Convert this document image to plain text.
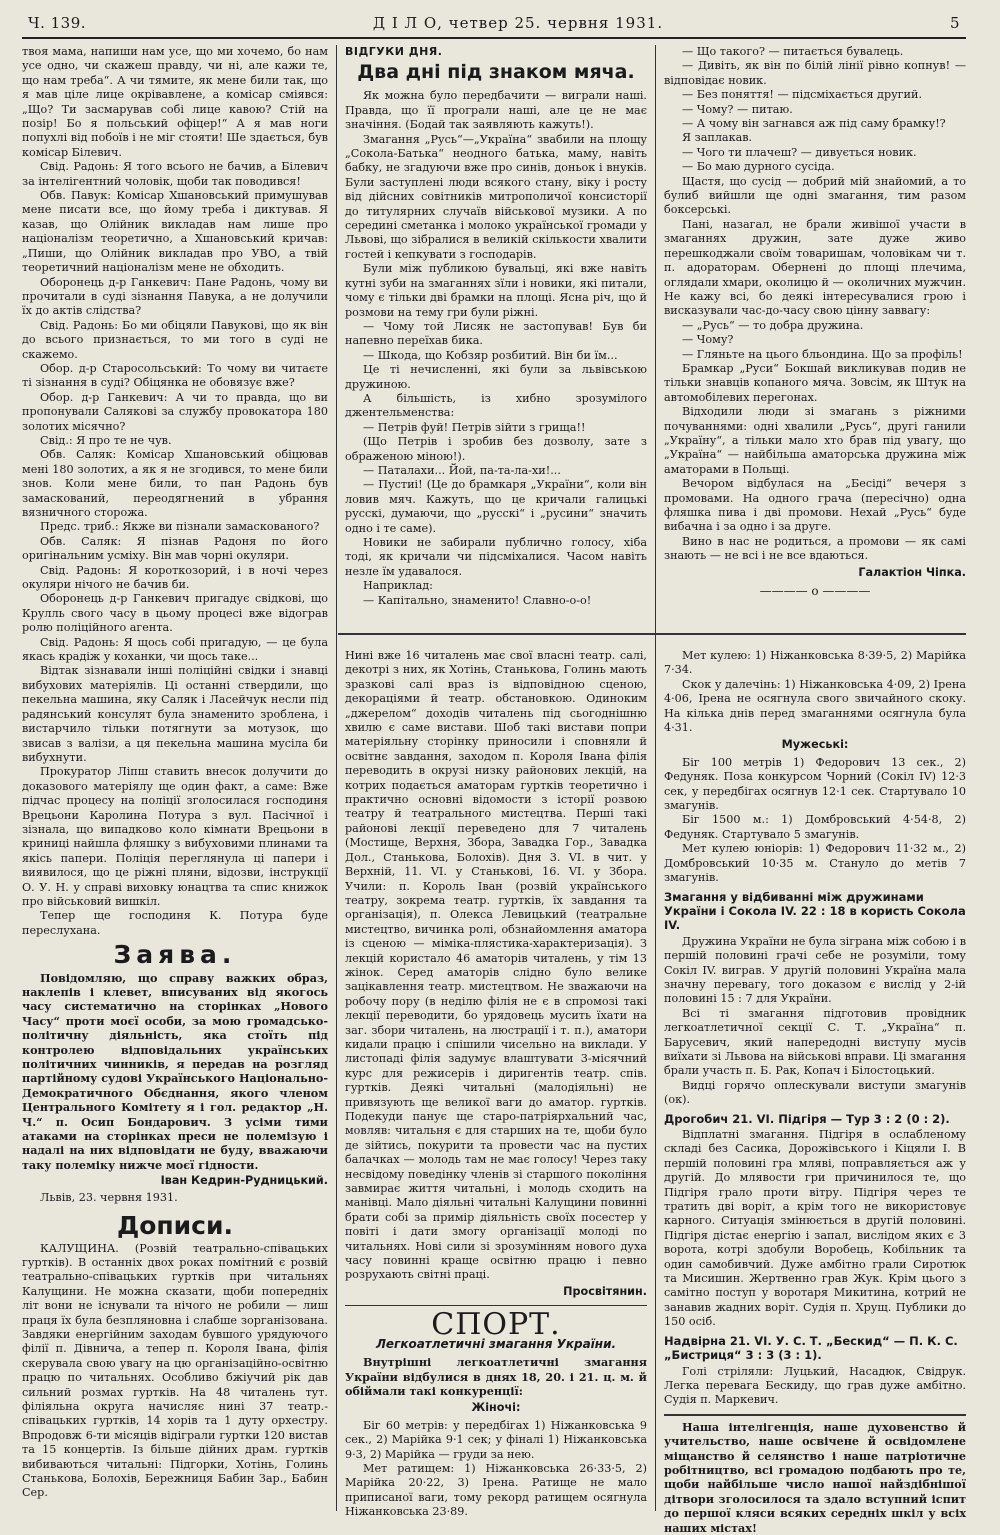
Ч. 139.	Д І Л О, четвер 25. червня 1931.	5

твоя мама, напиши нам усе, що ми хочемо, бо нам усе одно, чи скажеш правду, чи ні, але кажи те, що нам треба“. А чи тямите, як мене били так, що я мав ціле лице окрівавлене, а комісар сміявся: „Що? Ти засмарував собі лице кавою? Стій на позір! Бо я польський офіцер!“ А я мав ноги попухлі від побоїв і не міг стояти! Ше здається, був комісар Білевич.

Свід. Радонь: Я того всього не бачив, а Білевич за інтелігентний чоловік, щоби так поводився!

Обв. Павук: Комісар Хшановський примушував мене писати все, що йому треба і диктував. Я казав, що Олійник викладав нам лише про націоналізм теоретично, а Хшановський кричав: „Пиши, що Олійник викладав про УВО, а твій теоретичний націоналізм мене не обходить.

Оборонець д-р Ганкевич: Пане Радонь, чому ви прочитали в суді зізнання Павука, а не долучили їх до актів слідства?

Свід. Радонь: Бо ми обіцяли Павукові, що як він до всього признається, то ми того в суді не скажемо.

Обор. д-р Старосольський: То чому ви читаєте ті зізнання в суді? Обіцянка не обовязує вже?

Обор. д-р Ганкевич: А чи то правда, що ви пропонували Салякові за службу провокатора 180 золотих місячно?

Свід.: Я про те не чув.

Обв. Саляк: Комісар Хшановський обіцював мені 180 золотих, а як я не згодився, то мене били знов. Коли мене били, то пан Радонь був замаскований, переодягнений в убрання вязничного сторожа.

Предс. триб.: Якже ви пізнали замаскованого?

Обв. Саляк: Я пізнав Радоня по його оригінальним усміху. Він мав чорні окуляри.

Свід. Радонь: Я короткозорий, і в ночі через окуляри нічого не бачив би.

Оборонець д-р Ганкевич пригадує свідкові, що Крулль свого часу в цьому процесі вже відограв ролю поліційного агента.

Свід. Радонь: Я щось собі пригадую, — це була якась крадіж у коханки, чи щось таке...

Відтак зізнавали інші поліційні свідки і знавці вибухових матеріялів. Ці останні ствердили, що пекельна машина, яку Саляк і Ласейчук несли під радянський консулят була знаменито зроблена, і вистарчило тільки потягнути за мотузок, що звисав з валізи, а ця пекельна машина мусіла би вибухнути.

Прокуратор Ліпш ставить внесок долучити до доказового матеріялу ще один факт, а саме: Вже підчас процесу на поліції зголосилася господиня Врецьони Каролина Потура з вул. Пасічної і зізнала, що випадково коло кімнати Врецьони в криниці найшла фляшку з вибуховими плинами та якісь папери. Поліція переглянула ці папери і виявилося, що це ріжні пляни, відозви, інструкції О. У. Н. у справі виховку юнацтва та спис книжок про військовий вишкіл.

Тепер ще господиня К. Потура буде переслухана.

Заява.

Повідомляю, що справу важких образ, наклепів і клевет, вписуваних від якогось часу систематично на сторінках „Нового Часу“ проти моєї особи, за мою громадсько-політичну діяльність, яка стоїть під контролею відповідальних українських політичних чинників, я передав на розгляд партійному судові Українського Національно-Демократичного Обєднання, якого членом Центрального Комітету я і гол. редактор „Н. Ч.“ п. Осип Бондарович. З усіми тими атаками на сторінках преси не полемізую і надалі на них відповідати не буду, вважаючи таку полеміку нижче моєї гідности.

Іван Кедрин-Рудницький.

Львів, 23. червня 1931.

Дописи.

КАЛУЩИНА. (Розвій театрально-співацьких гуртків). В останніх двох роках помітний є розвій театрально-співацьких гуртків при читальнях Калущини. Не можна сказати, щоби попередніх літ вони не існували та нічого не робили — лиш праця їх була безпляновна і слабше зорганізована. Завдяки енергійним заходам бувшого урядуючого філії п. Дівнича, а тепер п. Короля Івана, філія скерувала свою увагу на цю організаційно-освітню працю по читальнях. Особливо бжіучий рік дав сильний розмах гуртків. На 48 читалень тут. філіяльна округа начисляє нині 37 театр.-співацьких гуртків, 14 хорів та 1 дуту орхестру. Впродовж 6-ти місяців відіграли гуртки 120 вистав та 15 концертів. Із більше дійних драм. гуртків вибиваються читальні: Підгорки, Хотінь, Голинь Станькова, Болохів, Бережниця Бабин Зар., Бабин Сер.

ВІДГУКИ ДНЯ.
Два дні під знаком мяча.

Як можна було передбачити — виграли наші. Правда, що її програли наші, але це не має значіння. (Бодай так заявляють кажуть!).

Змагання „Русь“—„Україна“ звабили на площу „Сокола-Батька“ неодного батька, маму, навіть бабку, не згадуючи вже про синів, доньок і внуків. Були заступлені люди всякого стану, віку і росту від дійсних совітників митрополичої консисторії до титулярних случаїв військової музики. А по середині сметанка і молоко української громади у Львові, що зібралися в великій скількости хвалити гостей і кепкувати з господарів.

Були між публикою бувальці, які вже навіть кутні зуби на змаганнях зїли і новики, які питали, чому є тільки дві брамки на площі. Ясна річ, що й розмови на тему гри були ріжні.

— Чому той Лисяк не застопував! Був би напевно переїхав бика.

— Шкода, що Кобзяр розбитий. Він би їм...

Це ті нечисленні, які були за львівською дружиною.

А більшість, із хибно зрозумілого джентельменства:

— Петрів фуй! Петрів зійти з грища!!

(Що Петрів і зробив без дозволу, зате з ображеною міною!).

— Паталахи... Йой, па-та-ла-хи!...

— Пустиі! (Це до брамкаря „України“, коли він ловив мяч. Кажуть, що це кричали галицькі русскі, думаючи, що „русскі“ і „русини“ значить одно і те саме).

Новики не забирали публично голосу, хіба тоді, як кричали чи підсміхалися. Часом навіть незле їм удавалося.

Наприклад:

— Капітально, знаменито! Славно-о-о!

Нині вже 16 читалень має свої власні театр. салі, декотрі з них, як Хотінь, Станькова, Голинь мають зразкові салі враз із відповідною сценою, декораціями й театр. обстановкою. Одиноким „джерелом“ доходів читалень під сьогоднішню хвилю є саме вистави. Шоб такі вистави попри матеріяльну сторінку приносили і сповняли й освітнє завдання, заходом п. Короля Івана філія переводить в окрузі низку районових лекцій, на котрих подається аматорам гуртків теоретично і практично основні відомости з історії розвою театру й театрального мистецтва. Перші такі районові лекції переведено для 7 читалень (Мостище, Верхня, Збора, Завадка Гор., Завадка Дол., Станькова, Болохів). Дня 3. VI. в чит. у Верхній, 11. VI. у Станькові, 16. VI. у Збора. Учили: п. Король Іван (розвій українського театру, зокрема театр. гуртків, їх завдання та організація), п. Олекса Левицький (театральне мистецтво, вичинка ролі, обзнайомлення аматора із сценою — міміка-плястика-характеризація). З лекцій користало 46 аматорів читалень, у тім 13 жінок. Серед аматорів слідно було велике зацікавлення театр. мистецтвом. Не зважаючи на робочу пору (в неділю філія не є в спромозі такі лекції переводити, бо урядовець мусить їхати на заг. збори читалень, на люстрації і т. п.), аматори кидали працю і спішили чисельно на виклади. У листопаді філія задумує влаштувати 3-місячний курс для режисерів і диригентів театр. спів. гуртків. Деякі читальні (малодіяльні) не привязують ще великої ваги до аматор. гуртків. Подекуди панує ще старо-патріярхальний час, мовляв: читальня є для старших на те, щоби було де зійтись, покурити та провести час на пустих балачках — молодь там не має голосу! Через таку несвідому поведінку членів зі старшого покоління завмирає життя читальні, і молодь сходить на манівці. Мало діяльні читальні Калущини повинні брати собі за примір діяльність своїх посестер у повіті і дати змогу організації молоді по читальнях. Нові сили зі зрозумінням нового духа часу повинні краще освітню працю і певно розрухають світні праці.

Просвітянин.
СПОРТ.
Легкоатлетичні змагання України.

Внутрішні легкоатлетичні змагання України відбулися в днях 18, 20. і 21. ц. м. й обіймали такі конкуренції:

Жіночі:

Біг 60 метрів: у передбігах 1) Ніжанковська 9 сек., 2) Марійка 9·1 сек; у фіналі 1) Ніжанковська 9·3, 2) Марійка — груди за нею.

Мет ратищем: 1) Ніжанковська 26·33·5, 2) Марійка 20·22, 3) Ірена. Ратище не мало приписаної ваги, тому рекорд ратищем осягнула Ніжанковська 23·89.

— Що такого? — питається бувалець.

— Дивіть, як він по білій лінії рівно копнув! — відповідає новик.

— Без поняття! — підсміхається другий.

— Чому? — питаю.

— А чому він загнався аж під саму брамку!?

Я заплакав.

— Чого ти плачеш? — дивується новик.

— Бо маю дурного сусіда.

Щастя, що сусід — добрий мій знайомий, а то булиб вийшли ще одні змагання, тим разом боксерські.

Пані, назагал, не брали живішої участи в змаганнях дружин, зате дуже живо перешкоджали своїм товаришам, чоловікам чи т. п. адораторам. Обернені до площі плечима, оглядали хмари, околицю й — околичних мужчин. Не кажу всі, бо деякі інтересувалися грою і висказували час-до-часу свою цінну заввагу:

— „Русь“ — то добра дружина.

— Чому?

— Гляньте на цього бльондина. Що за профіль!

Брамкар „Руси“ Бокшай викликував подив не тільки знавців копаного мяча. Зовсім, як Штук на автомобілевих перегонах.

Відходили люди зі змагань з ріжними почуваннями: одні хвалили „Русь“, другі ганили „Україну“, а тільки мало хто брав під увагу, що „Україна“ — найбільша аматорська дружина між аматорами в Польщі.

Вечором відбулася на „Бесіді“ вечеря з промовами. На одного грача (пересічно) одна фляшка пива і дві промови. Нехай „Русь“ буде вибачна і за одно і за друге.

Вино в нас не родиться, а промови — як самі знають — не всі і не все вдаються.

Галактіон Чіпка.
———— o ————

Мет кулею: 1) Ніжанковська 8·39·5, 2) Марійка 7·34.

Скок у далечінь: 1) Ніжанковська 4·09, 2) Ірена 4·06, Ірена не осягнула свого звичайного скоку. На кілька днів перед змаганнями осягнула була 4·31.

Мужеські:

Біг 100 метрів 1) Федорович 13 сек., 2) Федуняк. Поза конкурсом Чорний (Сокіл IV) 12·3 сек, у передбігах осягнув 12·1 сек. Стартувало 10 змагунів.

Біг 1500 м.: 1) Домбровський 4·54·8, 2) Федуняк. Стартувало 5 змагунів.

Мет кулею юніорів: 1) Федорович 11·32 м., 2) Домбровський 10·35 м. Стануло до метів 7 змагунів.

Змагання у відбиванні між дружинами України і Сокола IV. 22 : 18 в користь Сокола IV.

Дружина України не була зіграна між собою і в першій половині грачі себе не розуміли, тому Сокіл IV. виграв. У другій половині Україна мала значну перевагу, того доказом є вислід у 2-ій половині 15 : 7 для України.

Всі ті змагання підготовив провідник легкоатлетичної секції С. Т. „Україна“ п. Барусевич, який напередодні виступу мусів виїхати зі Львова на військові вправи. Ці змагання брали участь п. Б. Рак, Копач і Білостоцький.

Видці горячо оплескували виступи змагунів (ок).

Дрогобич 21. VI. Підгіря — Тур 3 : 2 (0 : 2).

Відплатні змагання. Підгіря в ослабленому складі без Сасика, Дорожівського і Кіцяли І. В першій половині гра мляві, поправляється аж у другій. До млявости гри причинилося те, що Підгіря грало проти вітру. Підгіря через те тратить дві воріт, а крім того не використовує карного. Ситуація змінюється в другій половині. Підгіря дістає енергію і запал, вислідом яких є 3 ворота, котрі здобули Воробець, Кобільник та один самобивчий. Дуже амбітно грали Сиротюк та Мисишин. Жертвенно грав Жук. Крім цього з самітно поступ у воротаря Микитина, котрий не занавив жадних воріт. Судія п. Хрущ. Публики до 150 осіб.

Надвірна 21. VI. У. С. Т. „Бескид“ — П. К. С. „Бистриця“ 3 : 3 (3 : 1).

Голі стріляли: Луцький, Насадюк, Свідрук. Легка перевага Бескиду, що грав дуже амбітно. Судія п. Маркевич.

Наша інтелігенція, наше духовенство й учительство, наше освічене й освідомлене міщанство й селянство і наше патріотичне робітництво, всі громадою подбають про те, щоби найбільше число нашої найздібнішої дітвори зголосилося та здало вступний іспит до першої кляси всяких середніх шкіл у всіх наших містах!
